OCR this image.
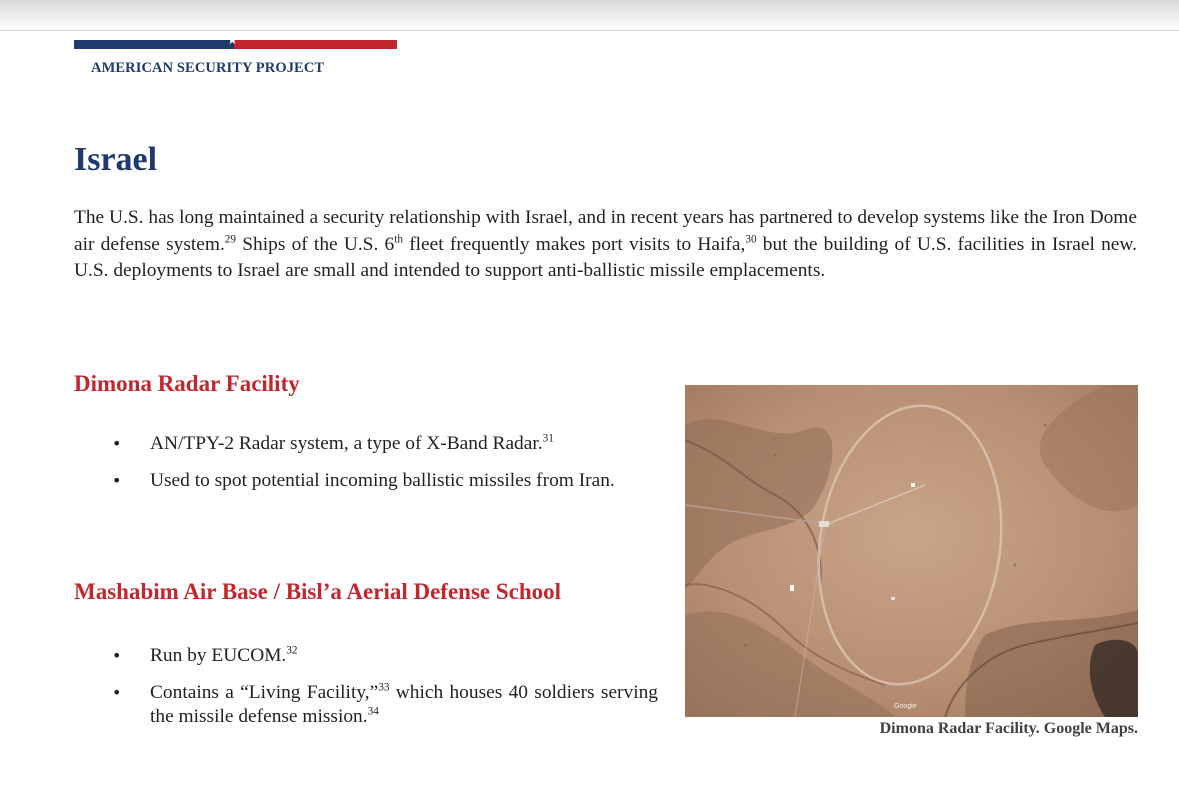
★
AMERICAN SECURITY PROJECT
Israel

The U.S. has long maintained a security relationship with Israel, and in recent years has partnered to develop systems like the Iron Dome air defense system.$^{29}$ Ships of the U.S. 6th fleet frequently makes port visits to Haifa,$^{30}$ but the building of U.S. facilities in Israel new. U.S. deployments to Israel are small and intended to support anti-ballistic missile emplacements.

Dimona Radar Facility
• AN/TPY-2 Radar system, a type of X-Band Radar.$^{31}$
• Used to spot potential incoming ballistic missiles from Iran.
Mashabim Air Base / Bisl’a Aerial Defense School
• Run by EUCOM.$^{32}$
• Contains a “Living Facility,”$^{33}$ which houses 40 soldiers serving the missile defense mission.$^{34}$	Google
Dimona Radar Facility. Google Maps.
